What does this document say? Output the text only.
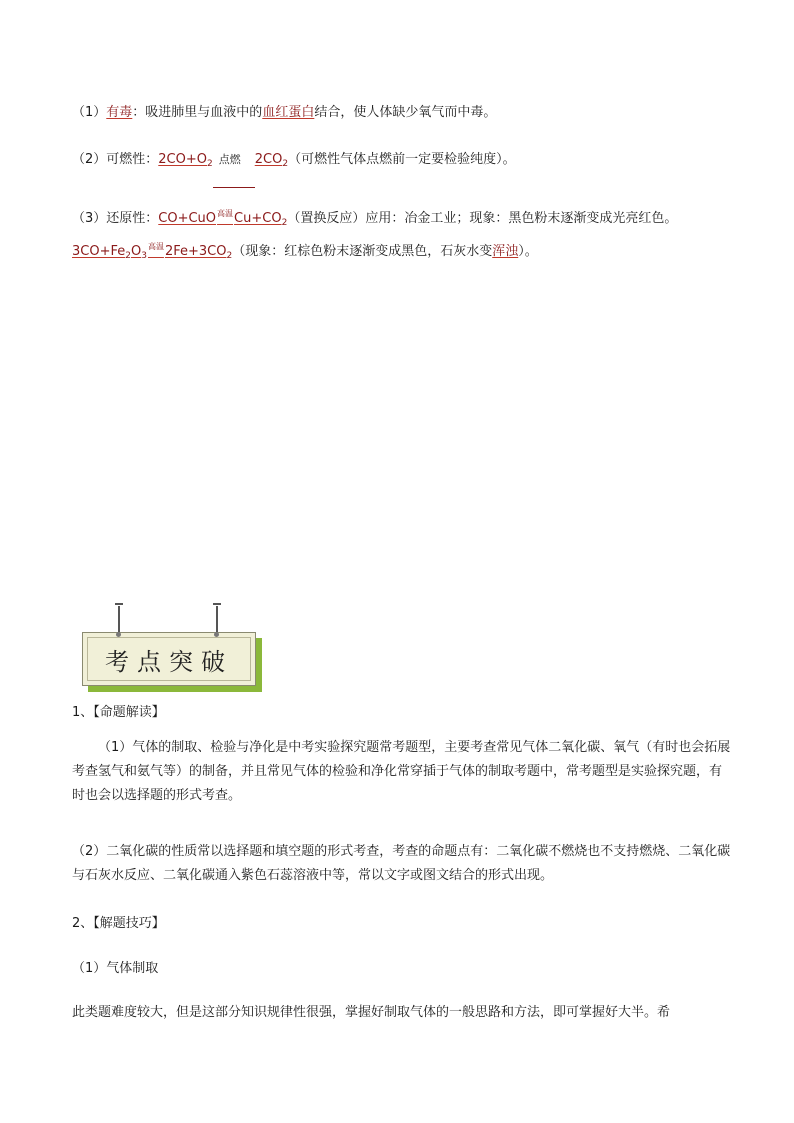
（1）有毒：吸进肺里与血液中的血红蛋白结合，使人体缺少氧气而中毒。
（2）可燃性：$2CO+O_2$ 点燃 $2CO_2$（可燃性气体点燃前一定要检验纯度）。
（3）还原性：$CO+CuO^{高温}Cu+CO_2$（置换反应）应用：冶金工业；现象：黑色粉末逐渐变成光亮红色。
$3CO+Fe_2O_3^{高温}2Fe+3CO_2$（现象：红棕色粉末逐渐变成黑色，石灰水变浑浊）。
考点突破
1、【命题解读】
（1）气体的制取、检验与净化是中考实验探究题常考题型，主要考查常见气体二氧化碳、氧气（有时也会拓展考查氢气和氨气等）的制备，并且常见气体的检验和净化常穿插于气体的制取考题中，常考题型是实验探究题，有时也会以选择题的形式考查。
（2）二氧化碳的性质常以选择题和填空题的形式考查，考查的命题点有：二氧化碳不燃烧也不支持燃烧、二氧化碳与石灰水反应、二氧化碳通入紫色石蕊溶液中等，常以文字或图文结合的形式出现。
2、【解题技巧】
（1）气体制取
此类题难度较大，但是这部分知识规律性很强，掌握好制取气体的一般思路和方法，即可掌握好大半。希
